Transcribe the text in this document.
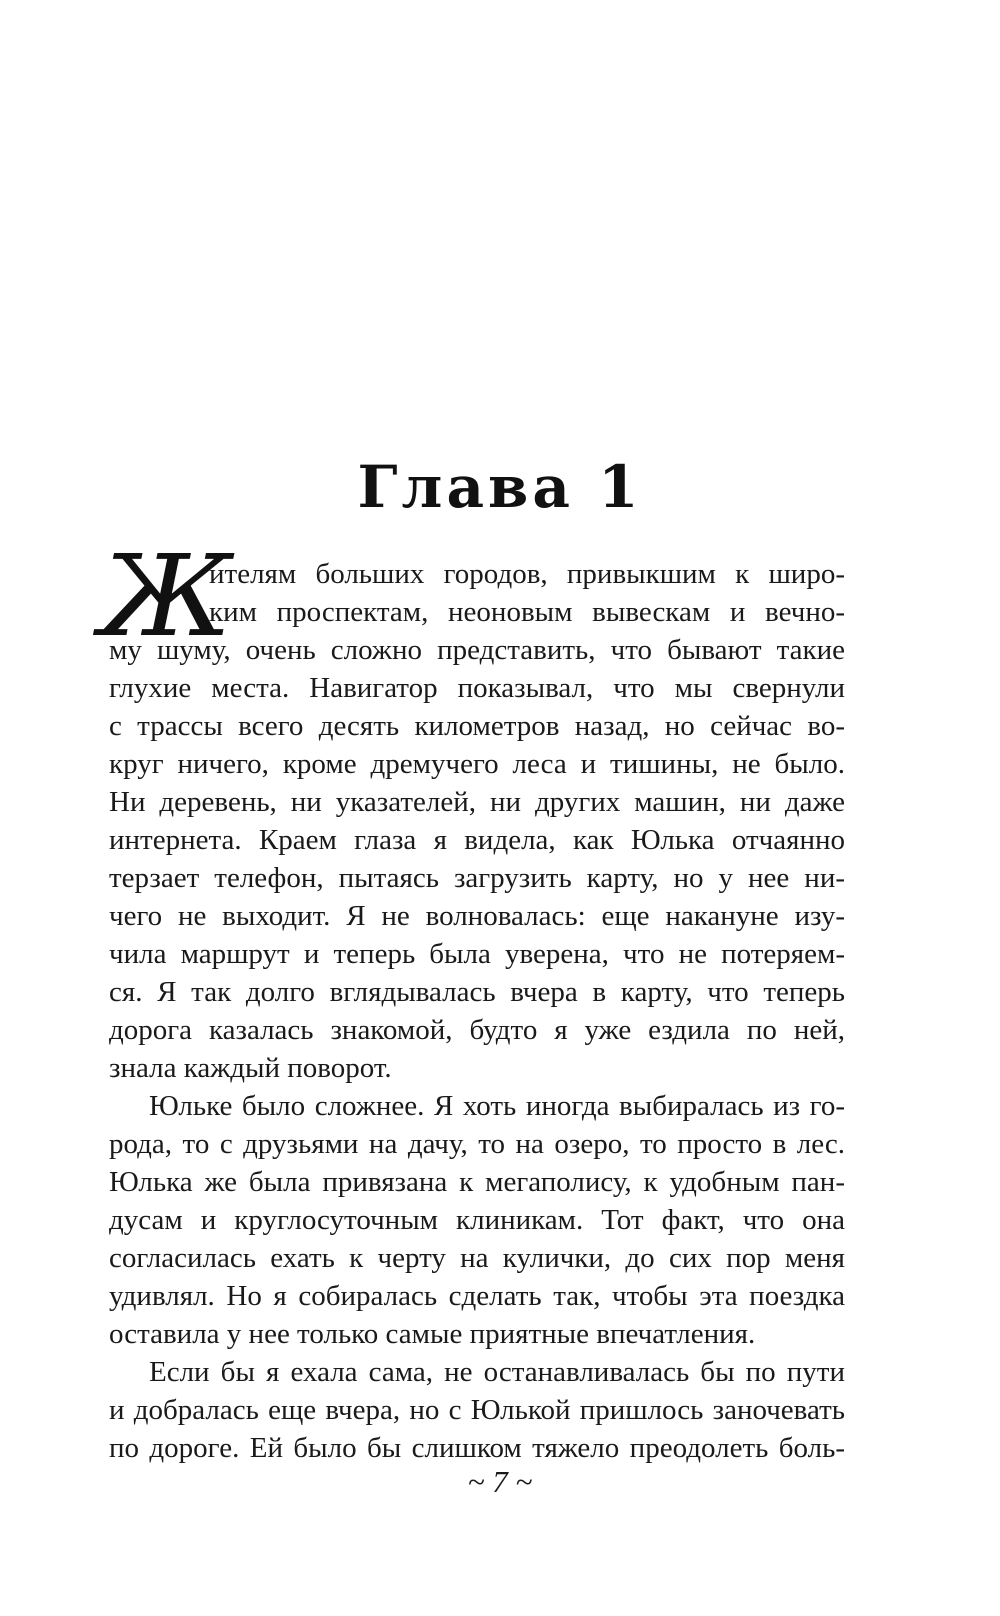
Глава 1
Ж
ителям больших городов, привыкшим к широ-
ким проспектам, неоновым вывескам и вечно-
му шуму, очень сложно представить, что бывают такие
глухие места. Навигатор показывал, что мы свернули
с трассы всего десять километров назад, но сейчас во-
круг ничего, кроме дремучего леса и тишины, не было.
Ни деревень, ни указателей, ни других машин, ни даже
интернета. Краем глаза я видела, как Юлька отчаянно
терзает телефон, пытаясь загрузить карту, но у нее ни-
чего не выходит. Я не волновалась: еще накануне изу-
чила маршрут и теперь была уверена, что не потеряем-
ся. Я так долго вглядывалась вчера в карту, что теперь
дорога казалась знакомой, будто я уже ездила по ней,
знала каждый поворот.
Юльке было сложнее. Я хоть иногда выбиралась из го-
рода, то с друзьями на дачу, то на озеро, то просто в лес.
Юлька же была привязана к мегаполису, к удобным пан-
дусам и круглосуточным клиникам. Тот факт, что она
согласилась ехать к черту на кулички, до сих пор меня
удивлял. Но я собиралась сделать так, чтобы эта поездка
оставила у нее только самые приятные впечатления.
Если бы я ехала сама, не останавливалась бы по пути
и добралась еще вчера, но с Юлькой пришлось заночевать
по дороге. Ей было бы слишком тяжело преодолеть боль-
~ 7 ~
